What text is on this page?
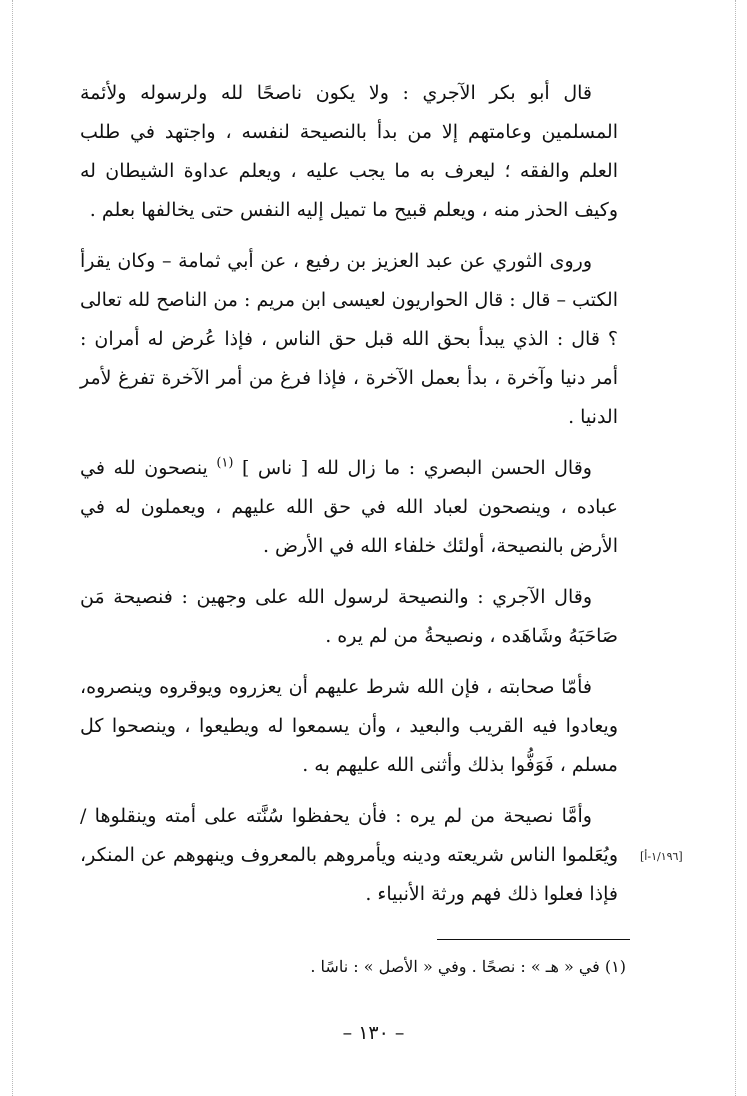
قال أبو بكر الآجري : ولا يكون ناصحًا لله ولرسوله ولأئمة المسلمين وعامتهم إلا من بدأ بالنصيحة لنفسه ، واجتهد في طلب العلم والفقه ؛ ليعرف به ما يجب عليه ، ويعلم عداوة الشيطان له وكيف الحذر منه ، ويعلم قبيح ما تميل إليه النفس حتى يخالفها بعلم .

وروى الثوري عن عبد العزيز بن رفيع ، عن أبي ثمامة – وكان يقرأ الكتب – قال : قال الحواريون لعيسى ابن مريم : من الناصح لله تعالى ؟ قال : الذي يبدأ بحق الله قبل حق الناس ، فإذا عُرض له أمران : أمر دنيا وآخرة ، بدأ بعمل الآخرة ، فإذا فرغ من أمر الآخرة تفرغ لأمر الدنيا .

وقال الحسن البصري : ما زال لله [ ناس ] $^{(١)}$ ينصحون لله في عباده ، وينصحون لعباد الله في حق الله عليهم ، ويعملون له في الأرض بالنصيحة، أولئك خلفاء الله في الأرض .

وقال الآجري : والنصيحة لرسول الله على وجهين : فنصيحة مَن صَاحَبَهُ وشَاهَده ، ونصيحةُ من لم يره .

فأمّا صحابته ، فإن الله شرط عليهم أن يعزروه ويوقروه وينصروه، ويعادوا فيه القريب والبعيد ، وأن يسمعوا له ويطيعوا ، وينصحوا كل مسلم ، فَوَفُّوا بذلك وأثنى الله عليهم به .

وأمَّا نصيحة من لم يره : فأن يحفظوا سُنَّته على أمته وينقلوها /ويُعَلموا الناس شريعته ودينه ويأمروهم بالمعروف وينهوهم عن المنكر، فإذا فعلوا ذلك فهم ورثة الأنبياء .

[١/١٩٦-أ]
(١) في « هـ » : نصحًا . وفي « الأصل » : ناسًا .
– ١٣٠ –
